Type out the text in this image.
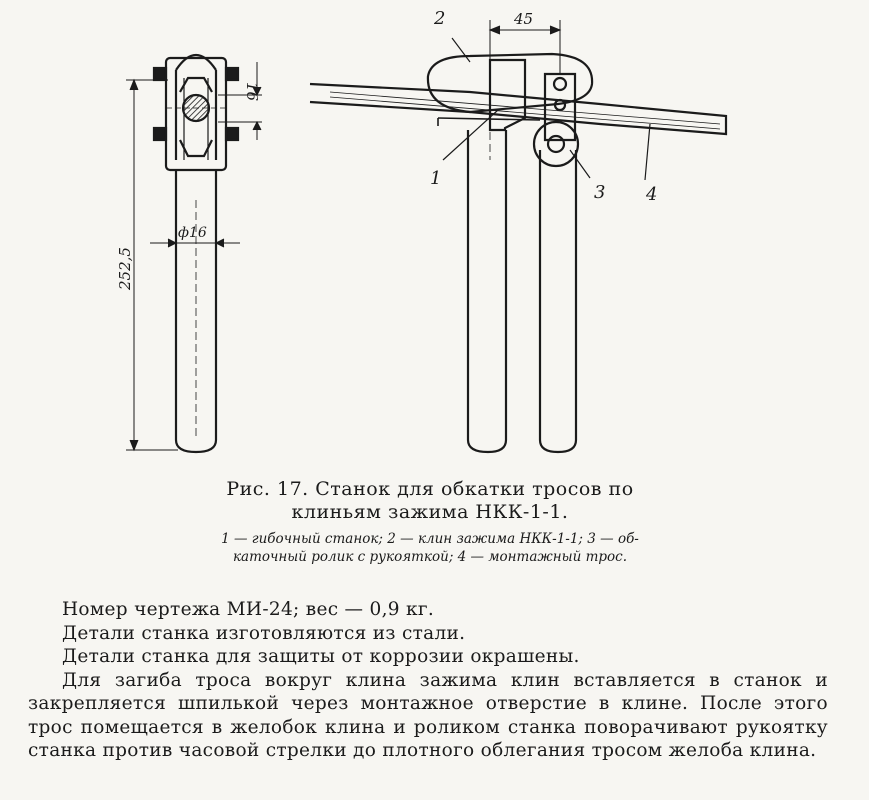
16
252,5
ф16
45
1
2
3 4
Рис. 17. Станок для обкатки тросов по
клиньям зажима НКК-1-1.
1 — гибочный станок; 2 — клин зажима НКК-1-1; 3 — об-
каточный ролик с рукояткой; 4 — монтажный трос.

Номер чертежа МИ-24; вес — 0,9 кг.

Детали станка изготовляются из стали.

Детали станка для защиты от коррозии окрашены.

Для загиба троса вокруг клина зажима клин вставляется в станок и закрепляется шпилькой через монтажное отверстие в клине. После этого трос помещается в желобок клина и роликом станка поворачивают рукоятку станка против часовой стрелки до плотного облегания тросом желоба клина.
